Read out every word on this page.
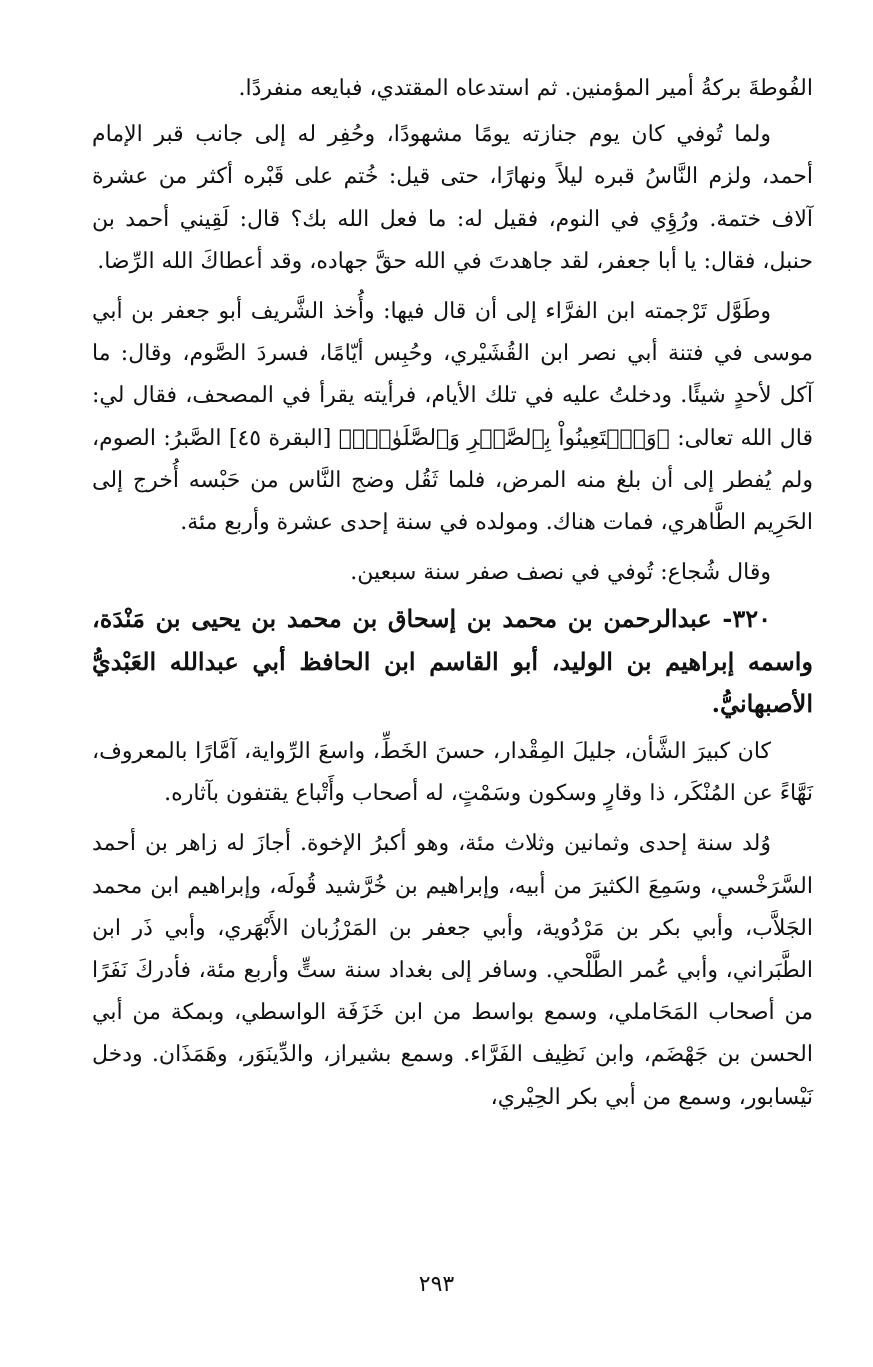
الفُوطةَ بركةُ أمير المؤمنين. ثم استدعاه المقتدي، فبايعه منفردًا.

ولما تُوفي كان يوم جنازته يومًا مشهودًا، وحُفِر له إلى جانب قبر الإمام أحمد، ولزم النَّاسُ قبره ليلاً ونهارًا، حتى قيل: خُتم على قَبْره أكثر من عشرة آلاف ختمة. ورُؤِي في النوم، فقيل له: ما فعل الله بك؟ قال: لَقِيني أحمد بن حنبل، فقال: يا أبا جعفر، لقد جاهدتَ في الله حقَّ جهاده، وقد أعطاكَ الله الرِّضا.

وطَوَّل تَرْجمته ابن الفرَّاء إلى أن قال فيها: وأُخذ الشَّريف أبو جعفر بن أبي موسى في فتنة أبي نصر ابن القُشَيْري، وحُبِس أيّامًا، فسردَ الصَّوم، وقال: ما آكل لأحدٍ شيئًا. ودخلتُ عليه في تلك الأيام، فرأيته يقرأ في المصحف، فقال لي: قال الله تعالى: ﴿وَٱسۡتَعِينُواْ بِٱلصَّبۡرِ وَٱلصَّلَوٰةِۚ﴾ [البقرة ٤٥] الصَّبرُ: الصوم، ولم يُفطر إلى أن بلغ منه المرض، فلما ثَقُل وضج النَّاس من حَبْسه أُخرج إلى الحَرِيم الطَّاهري، فمات هناك. ومولده في سنة إحدى عشرة وأربع مئة.

وقال شُجاع: تُوفي في نصف صفر سنة سبعين.

٣٢٠- عبدالرحمن بن محمد بن إسحاق بن محمد بن يحيى بن مَنْدَة، واسمه إبراهيم بن الوليد، أبو القاسم ابن الحافظ أبي عبدالله العَبْديُّ الأصبهانيُّ.

كان كبيرَ الشَّأن، جليلَ المِقْدار، حسنَ الخَطِّ، واسعَ الرِّواية، آمَّارًا بالمعروف، نَهَّاءً عن المُنْكَر، ذا وقارٍ وسكون وسَمْتٍ، له أصحاب وأَتْباع يقتفون بآثاره.

وُلد سنة إحدى وثمانين وثلاث مئة، وهو أكبرُ الإخوة. أجازَ له زاهر بن أحمد السَّرَخْسي، وسَمِعَ الكثيرَ من أبيه، وإبراهيم بن خُرَّشيد قُولَه، وإبراهيم ابن محمد الجَلاَّب، وأبي بكر بن مَرْدُوية، وأبي جعفر بن المَرْزُبان الأَبْهَري، وأبي ذَر ابن الطَّبَراني، وأبي عُمر الطَّلْحي. وسافر إلى بغداد سنة ستٍّ وأربع مئة، فأدركَ نَفَرًا من أصحاب المَحَاملي، وسمع بواسط من ابن خَزَفَة الواسطي، وبمكة من أبي الحسن بن جَهْضَم، وابن نَظِيف الفَرَّاء. وسمع بشيراز، والدِّينَوَر، وهَمَذَان. ودخل نَيْسابور، وسمع من أبي بكر الحِيْري،

٢٩٣
